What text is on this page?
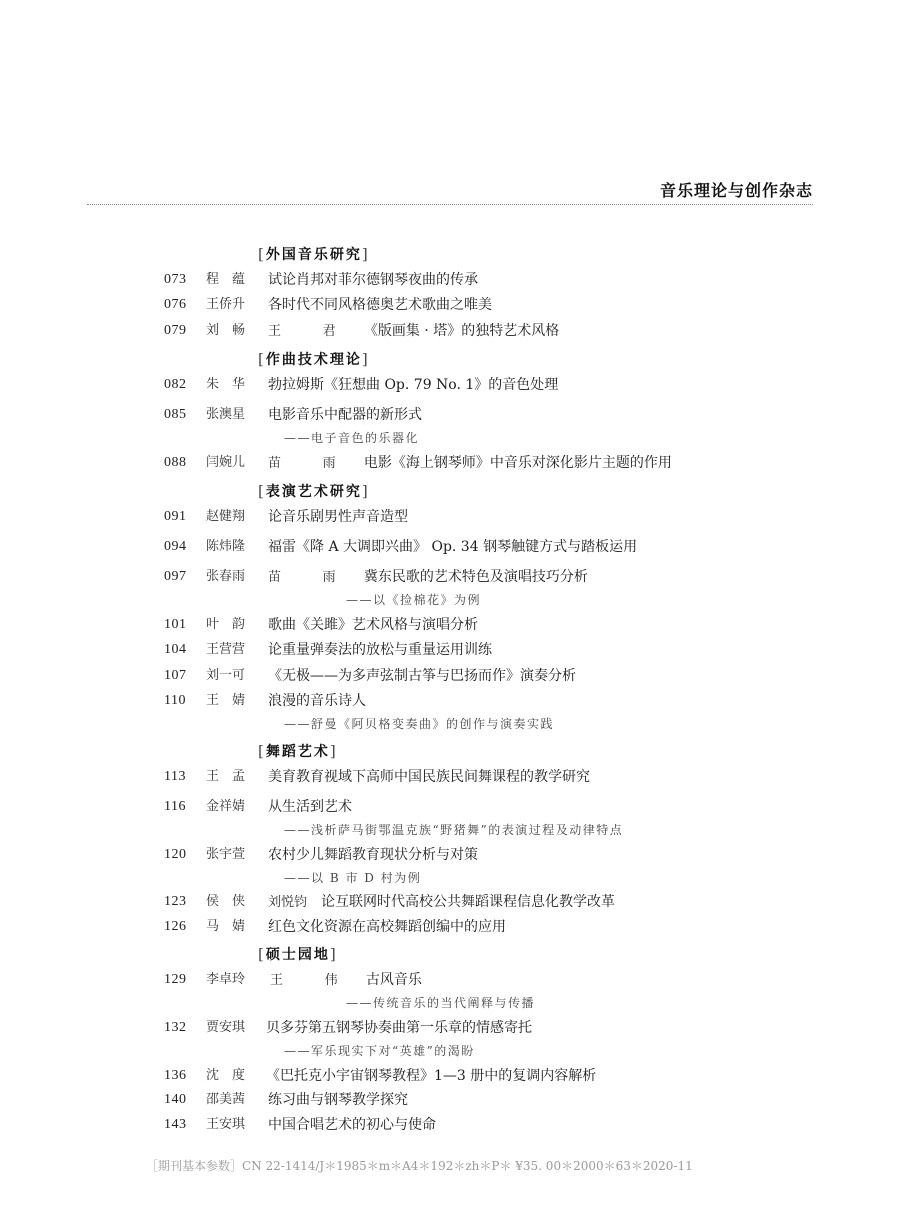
音乐理论与创作杂志
[外国音乐研究]
073 程　蕴 试论肖邦对菲尔德钢琴夜曲的传承
076 王侨升 各时代不同风格德奥艺术歌曲之唯美
079 刘　畅 王　君 《版画集 · 塔》的独特艺术风格
[作曲技术理论]
082 朱　华 勃拉姆斯《狂想曲 Op. 79 No. 1》的音色处理
085 张澳星 电影音乐中配器的新形式
——电子音色的乐器化
088 闫婉儿 苗　雨 电影《海上钢琴师》中音乐对深化影片主题的作用
[表演艺术研究]
091 赵健翔 论音乐剧男性声音造型
094 陈炜隆 福雷《降 A 大调即兴曲》 Op. 34 钢琴触键方式与踏板运用
097 张春雨 苗　雨 冀东民歌的艺术特色及演唱技巧分析
——以《捡棉花》为例
101 叶　韵 歌曲《关雎》艺术风格与演唱分析
104 王营营 论重量弹奏法的放松与重量运用训练
107 刘一可 《无极——为多声弦制古筝与巴扬而作》演奏分析
110 王　婧 浪漫的音乐诗人
——舒曼《阿贝格变奏曲》的创作与演奏实践
[舞蹈艺术]
113 王　孟 美育教育视域下高师中国民族民间舞课程的教学研究
116 金祥婧 从生活到艺术
——浅析萨马街鄂温克族“野猪舞”的表演过程及动律特点
120 张宇萱 农村少儿舞蹈教育现状分析与对策
——以 B 市 D 村为例
123 侯　侠 刘悦钧 论互联网时代高校公共舞蹈课程信息化教学改革
126 马　婧 红色文化资源在高校舞蹈创编中的应用
[硕士园地]
129 李卓玲 王　伟 古风音乐
——传统音乐的当代阐释与传播
132 贾安琪 贝多芬第五钢琴协奏曲第一乐章的情感寄托
——军乐现实下对“英雄”的渴盼
136 沈　度 《巴托克小宇宙钢琴教程》1—3 册中的复调内容解析
140 邵美茜 练习曲与钢琴教学探究
143 王安琪 中国合唱艺术的初心与使命
［期刊基本参数］CN 22-1414/J＊1985＊m＊A4＊192＊zh＊P＊ ¥35. 00＊2000＊63＊2020-11
